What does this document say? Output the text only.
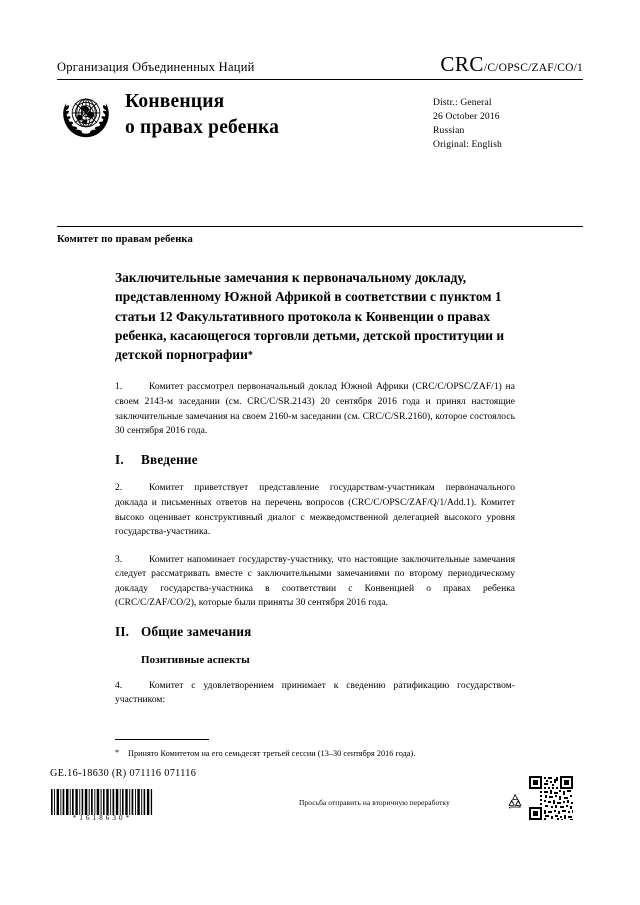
Организация Объединенных Наций	CRC/C/OPSC/ZAF/CO/1
Конвенция
о правах ребенка
Distr.: General
26 October 2016
Russian
Original: English
Комитет по правам ребенка
Заключительные замечания к первоначальному докладу, представленному Южной Африкой в соответствии с пунктом 1 статьи 12 Факультативного протокола к Конвенции о правах ребенка, касающегося торговли детьми, детской проституции и детской порнографии*

1.	Комитет рассмотрел первоначальный доклад Южной Африки (CRC/C/OPSC/ZAF/1) на своем 2143-м заседании (см. CRC/C/SR.2143) 20 сентября 2016 года и принял настоящие заключительные замечания на своем 2160-м заседании (см. CRC/C/SR.2160), которое состоялось 30 сентября 2016 года.

I. Введение

2.	Комитет приветствует представление государствам-участникам первоначального доклада и письменных ответов на перечень вопросов (CRC/C/OPSC/ZAF/Q/1/Add.1). Комитет высоко оценивает конструктивный диалог с межведомственной делегацией высокого уровня государства-участника.

3.	Комитет напоминает государству-участнику, что настоящие заключительные замечания следует рассматривать вместе с заключительными замечаниями по второму периодическому докладу государства-участника в соответствии с Конвенцией о правах ребенка (CRC/C/ZAF/CO/2), которые были приняты 30 сентября 2016 года.

II. Общие замечания
Позитивные аспекты

4.	Комитет с удовлетворением принимает к сведению ратификацию государством-участником:

* Принято Комитетом на его семьдесят третьей сессии (13–30 сентября 2016 года).
GE.16-18630 (R) 071116 071116
*1618630*
Просьба отправить на вторичную переработку
